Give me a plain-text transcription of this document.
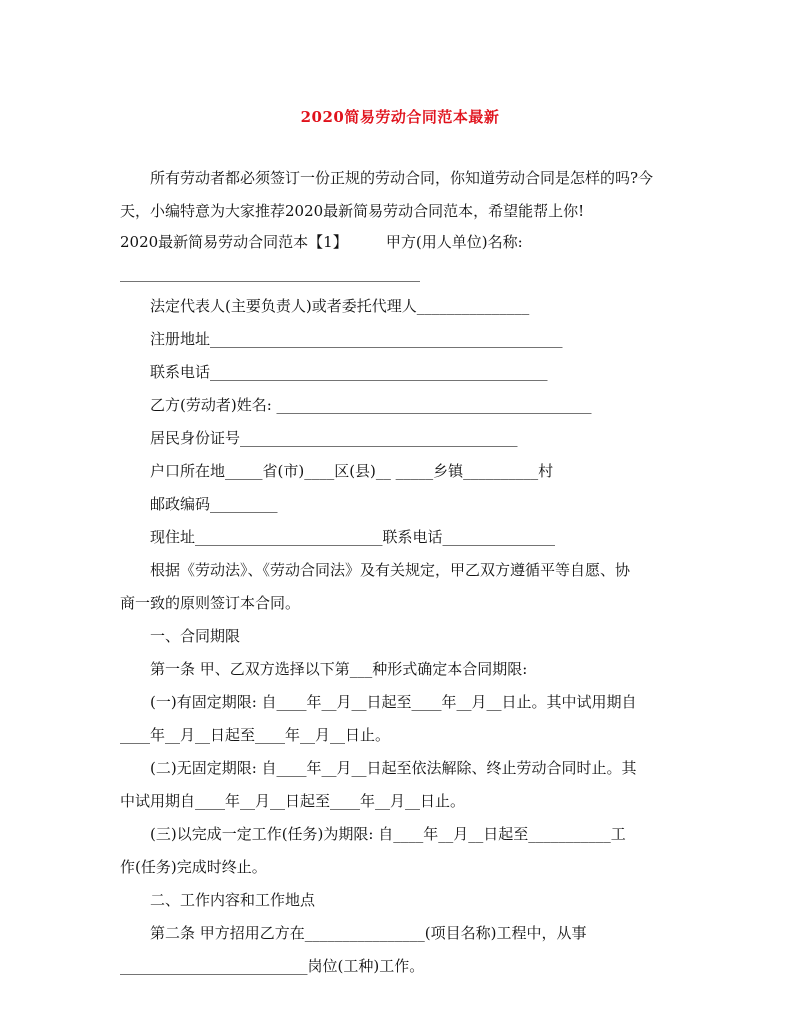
2020简易劳动合同范本最新
所有劳动者都必须签订一份正规的劳动合同，你知道劳动合同是怎样的吗?今
天，小编特意为大家推荐2020最新简易劳动合同范本，希望能帮上你!
2020最新简易劳动合同范本【1】        甲方(用人单位)名称:
________________________________________
法定代表人(主要负责人)或者委托代理人_______________
注册地址_______________________________________________
联系电话_____________________________________________
乙方(劳动者)姓名: __________________________________________
居民身份证号_____________________________________
户口所在地_____省(市)____区(县)__ _____乡镇__________村
邮政编码_________
现住址_________________________联系电话_______________
根据《劳动法》、《劳动合同法》及有关规定，甲乙双方遵循平等自愿、协
商一致的原则签订本合同。
一、合同期限
第一条 甲、乙双方选择以下第___种形式确定本合同期限:
(一)有固定期限: 自____年__月__日起至____年__月__日止。其中试用期自
____年__月__日起至____年__月__日止。
(二)无固定期限: 自____年__月__日起至依法解除、终止劳动合同时止。其
中试用期自____年__月__日起至____年__月__日止。
(三)以完成一定工作(任务)为期限: 自____年__月__日起至___________工
作(任务)完成时终止。
二、工作内容和工作地点
第二条 甲方招用乙方在________________(项目名称)工程中，从事
_________________________岗位(工种)工作。
